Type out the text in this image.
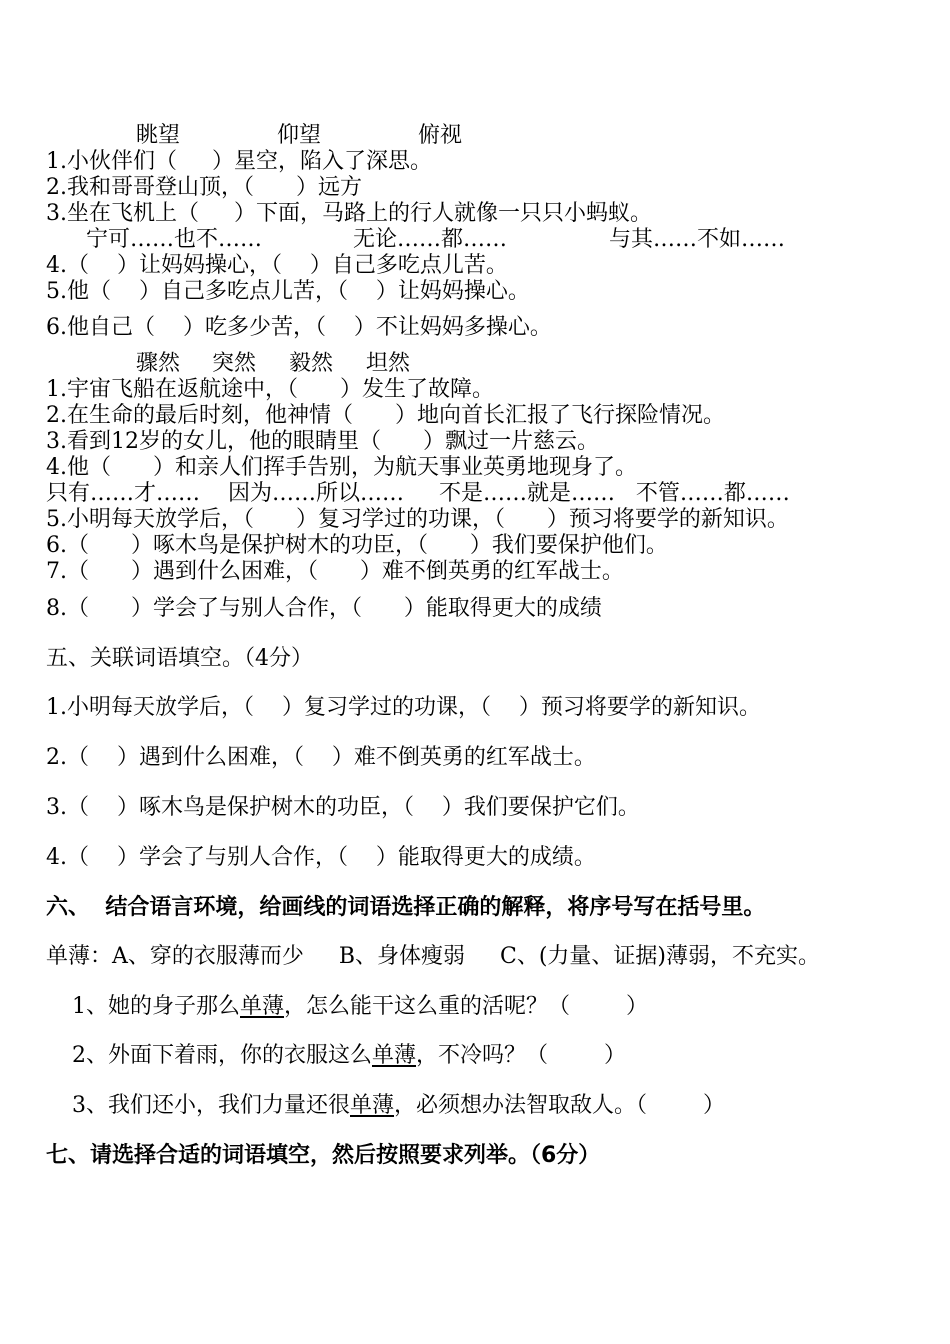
眺望	仰望	俯视
1.小伙伴们（     ）星空，陷入了深思。
2.我和哥哥登山顶，（      ）远方
3.坐在飞机上（     ）下面，马路上的行人就像一只只小蚂蚁。
宁可……也不……	无论……都……	与其……不如……
4.（    ）让妈妈操心，（    ）自己多吃点儿苦。
5.他（    ）自己多吃点儿苦，（    ）让妈妈操心。
6.他自己（    ）吃多少苦，（    ）不让妈妈多操心。
骤然 突然 毅然 坦然
1.宇宙飞船在返航途中，（      ）发生了故障。
2.在生命的最后时刻，他神情（      ）地向首长汇报了飞行探险情况。
3.看到12岁的女儿，他的眼睛里（      ）飘过一片慈云。
4.他（      ）和亲人们挥手告别，为航天事业英勇地现身了。
只有……才……    因为……所以……     不是……就是……   不管……都……
5.小明每天放学后，（      ）复习学过的功课，（      ）预习将要学的新知识。
6.（      ）啄木鸟是保护树木的功臣，（      ）我们要保护他们。
7.（      ）遇到什么困难，（      ）难不倒英勇的红军战士。
8.（      ）学会了与别人合作，（      ）能取得更大的成绩
五、关联词语填空。（4分）
1.小明每天放学后，（    ）复习学过的功课，（    ）预习将要学的新知识。
2.（    ）遇到什么困难，（    ）难不倒英勇的红军战士。
3.（    ）啄木鸟是保护树木的功臣，（    ）我们要保护它们。
4.（    ）学会了与别人合作，（    ）能取得更大的成绩。
六、  结合语言环境，给画线的词语选择正确的解释，将序号写在括号里。
单薄：A、穿的衣服薄而少     B、身体瘦弱     C、(力量、证据)薄弱，不充实。
1、她的身子那么单薄，怎么能干这么重的活呢？（        ）
2、外面下着雨，你的衣服这么单薄，不冷吗？（        ）
3、我们还小，我们力量还很单薄，必须想办法智取敌人。（        ）
七、请选择合适的词语填空，然后按照要求列举。（6分）
